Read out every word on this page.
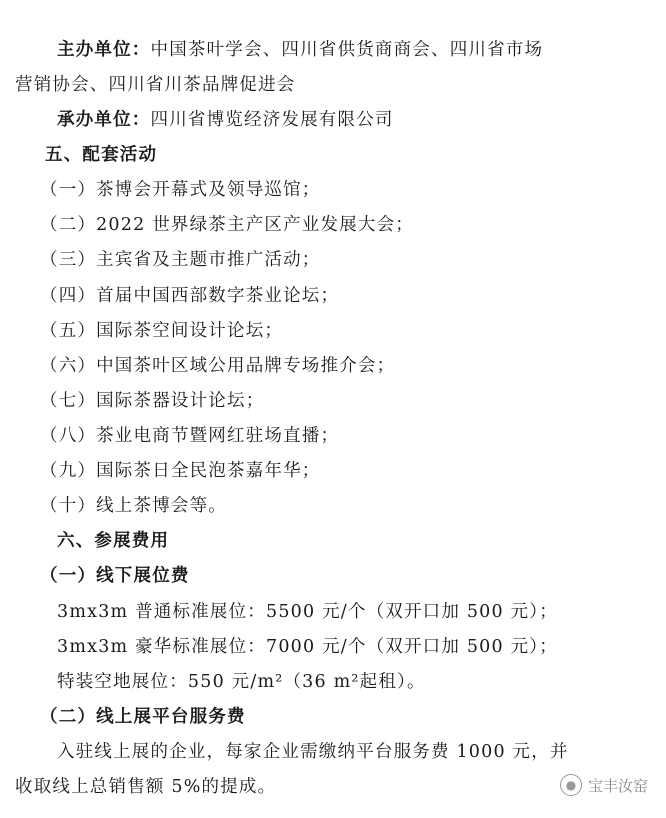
主办单位：中国茶叶学会、四川省供货商商会、四川省市场
营销协会、四川省川茶品牌促进会
承办单位：四川省博览经济发展有限公司
五、配套活动
（一）茶博会开幕式及领导巡馆；
（二）2022 世界绿茶主产区产业发展大会；
（三）主宾省及主题市推广活动；
（四）首届中国西部数字茶业论坛；
（五）国际茶空间设计论坛；
（六）中国茶叶区域公用品牌专场推介会；
（七）国际茶器设计论坛；
（八）茶业电商节暨网红驻场直播；
（九）国际茶日全民泡茶嘉年华；
（十）线上茶博会等。
六、参展费用
（一）线下展位费
3mx3m 普通标准展位：5500 元/个（双开口加 500 元）；
3mx3m 豪华标准展位：7000 元/个（双开口加 500 元）；
特装空地展位：550 元/m²（36 m²起租）。
（二）线上展平台服务费
入驻线上展的企业，每家企业需缴纳平台服务费 1000 元，并
收取线上总销售额 5%的提成。	● 宝丰汝窑
